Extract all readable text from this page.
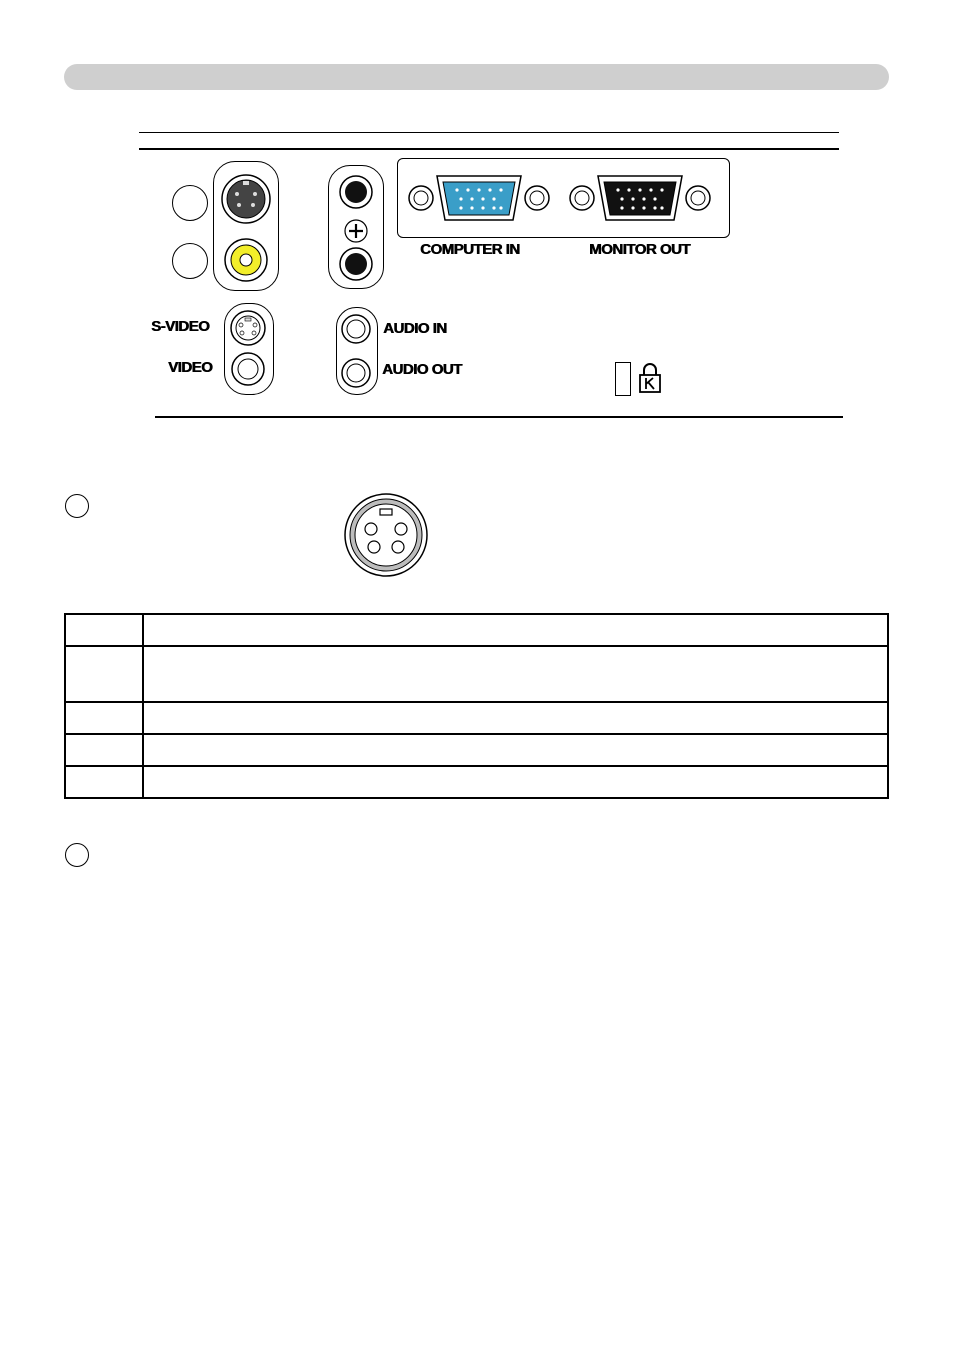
COMPUTER IN	MONITOR OUT
S-VIDEO
VIDEO
AUDIO IN
AUDIO OUT
